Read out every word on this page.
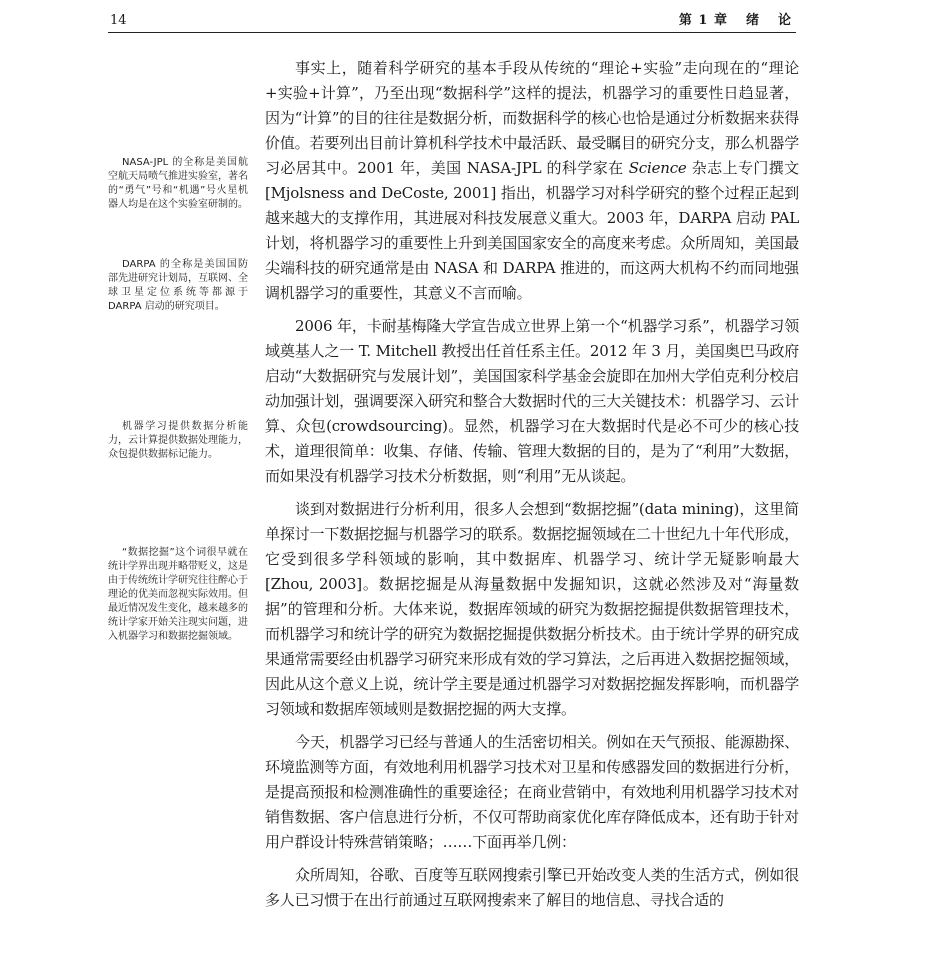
14	第 1 章 绪 论
NASA-JPL 的全称是美国航空航天局喷气推进实验室，著名的“勇气”号和“机遇”号火星机器人均是在这个实验室研制的。
DARPA 的全称是美国国防部先进研究计划局，互联网、全球卫星定位系统等都源于 DARPA 启动的研究项目。
机器学习提供数据分析能力，云计算提供数据处理能力，众包提供数据标记能力。
“数据挖掘”这个词很早就在统计学界出现并略带贬义，这是由于传统统计学研究往往醉心于理论的优美而忽视实际效用。但最近情况发生变化，越来越多的统计学家开始关注现实问题，进入机器学习和数据挖掘领域。

事实上，随着科学研究的基本手段从传统的“理论+实验”走向现在的“理论+实验+计算”，乃至出现“数据科学”这样的提法，机器学习的重要性日趋显著，因为“计算”的目的往往是数据分析，而数据科学的核心也恰是通过分析数据来获得价值。若要列出目前计算机科学技术中最活跃、最受瞩目的研究分支，那么机器学习必居其中。2001 年，美国 NASA-JPL 的科学家在 Science 杂志上专门撰文 [Mjolsness and DeCoste, 2001] 指出，机器学习对科学研究的整个过程正起到越来越大的支撑作用，其进展对科技发展意义重大。2003 年，DARPA 启动 PAL 计划，将机器学习的重要性上升到美国国家安全的高度来考虑。众所周知，美国最尖端科技的研究通常是由 NASA 和 DARPA 推进的，而这两大机构不约而同地强调机器学习的重要性，其意义不言而喻。

2006 年，卡耐基梅隆大学宣告成立世界上第一个“机器学习系”，机器学习领域奠基人之一 T. Mitchell 教授出任首任系主任。2012 年 3 月，美国奥巴马政府启动“大数据研究与发展计划”，美国国家科学基金会旋即在加州大学伯克利分校启动加强计划，强调要深入研究和整合大数据时代的三大关键技术：机器学习、云计算、众包(crowdsourcing)。显然，机器学习在大数据时代是必不可少的核心技术，道理很简单：收集、存储、传输、管理大数据的目的，是为了“利用”大数据，而如果没有机器学习技术分析数据，则“利用”无从谈起。

谈到对数据进行分析利用，很多人会想到“数据挖掘”(data mining)，这里简单探讨一下数据挖掘与机器学习的联系。数据挖掘领域在二十世纪九十年代形成，它受到很多学科领域的影响，其中数据库、机器学习、统计学无疑影响最大 [Zhou, 2003]。数据挖掘是从海量数据中发掘知识，这就必然涉及对“海量数据”的管理和分析。大体来说，数据库领域的研究为数据挖掘提供数据管理技术，而机器学习和统计学的研究为数据挖掘提供数据分析技术。由于统计学界的研究成果通常需要经由机器学习研究来形成有效的学习算法，之后再进入数据挖掘领域，因此从这个意义上说，统计学主要是通过机器学习对数据挖掘发挥影响，而机器学习领域和数据库领域则是数据挖掘的两大支撑。

今天，机器学习已经与普通人的生活密切相关。例如在天气预报、能源勘探、环境监测等方面，有效地利用机器学习技术对卫星和传感器发回的数据进行分析，是提高预报和检测准确性的重要途径；在商业营销中，有效地利用机器学习技术对销售数据、客户信息进行分析，不仅可帮助商家优化库存降低成本，还有助于针对用户群设计特殊营销策略；……下面再举几例：

众所周知，谷歌、百度等互联网搜索引擎已开始改变人类的生活方式，例如很多人已习惯于在出行前通过互联网搜索来了解目的地信息、寻找合适的
